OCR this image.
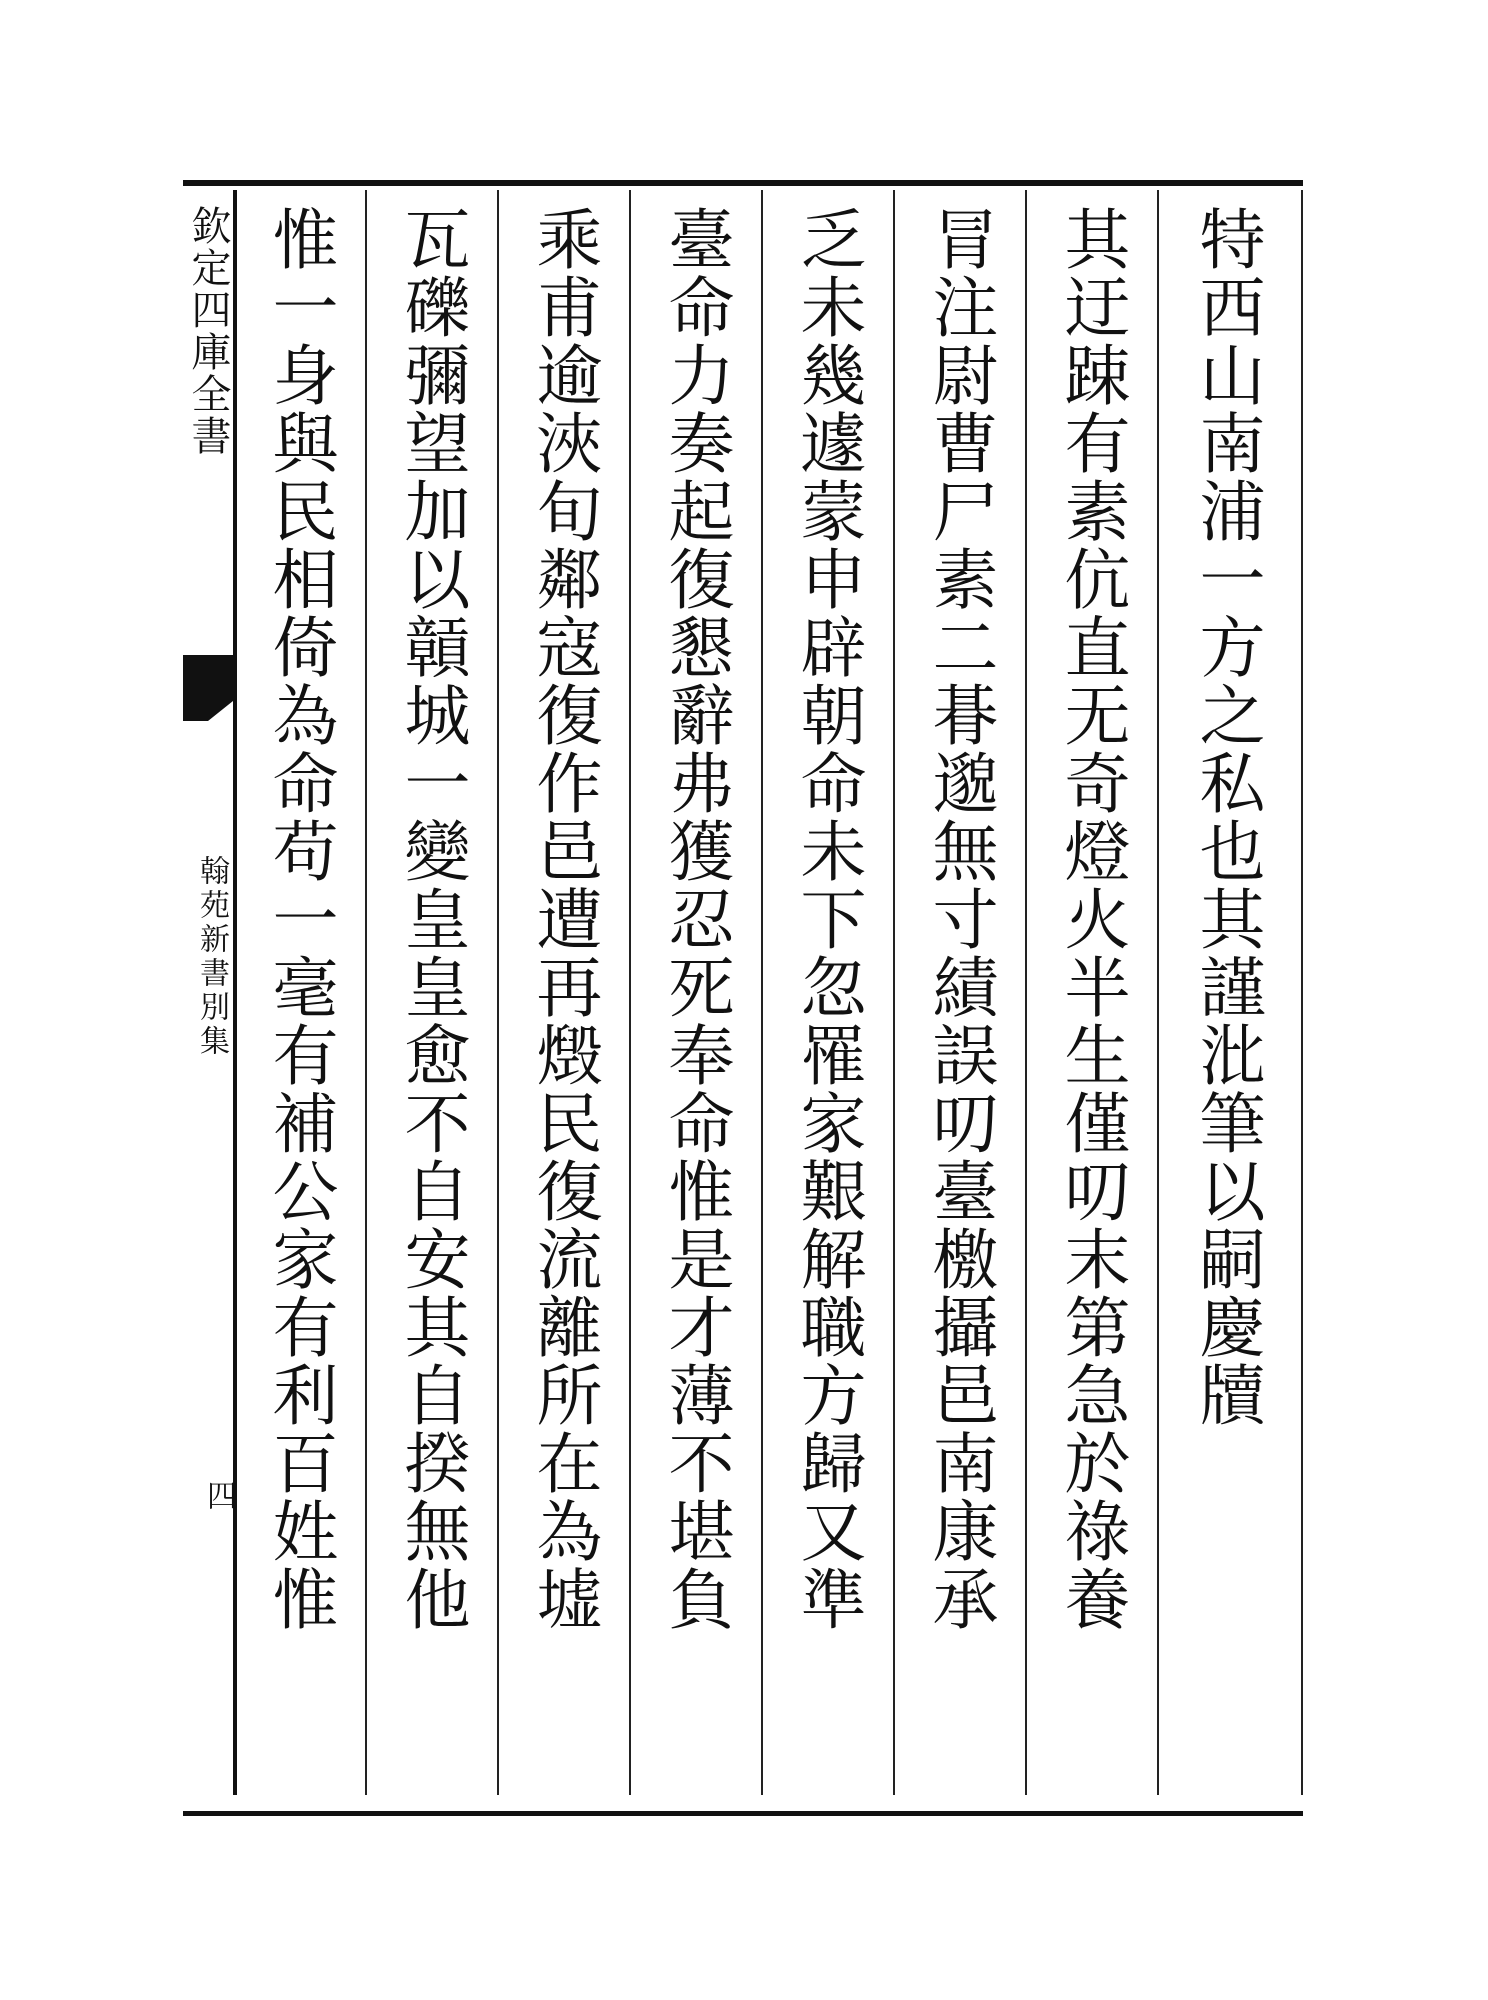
欽定四庫全書
翰苑新書別集
四
特西山南浦一方之私也其謹沘筆以嗣慶牘
其迂踈有素伉直无奇燈火半生僅叨末第急於祿養
冐注尉曹尸素二朞邈無寸績誤叨臺檄攝邑南康承
乏未幾遽蒙申辟朝命未下忽罹家艱解職方歸又準
臺命力奏起復懇辭弗獲忍死奉命惟是才薄不堪負
乘甫逾浹旬鄰寇復作邑遭再燬民復流離所在為墟
瓦礫彌望加以贑城一變皇皇愈不自安其自揆無他
惟一身與民相倚為命苟一毫有補公家有利百姓惟
